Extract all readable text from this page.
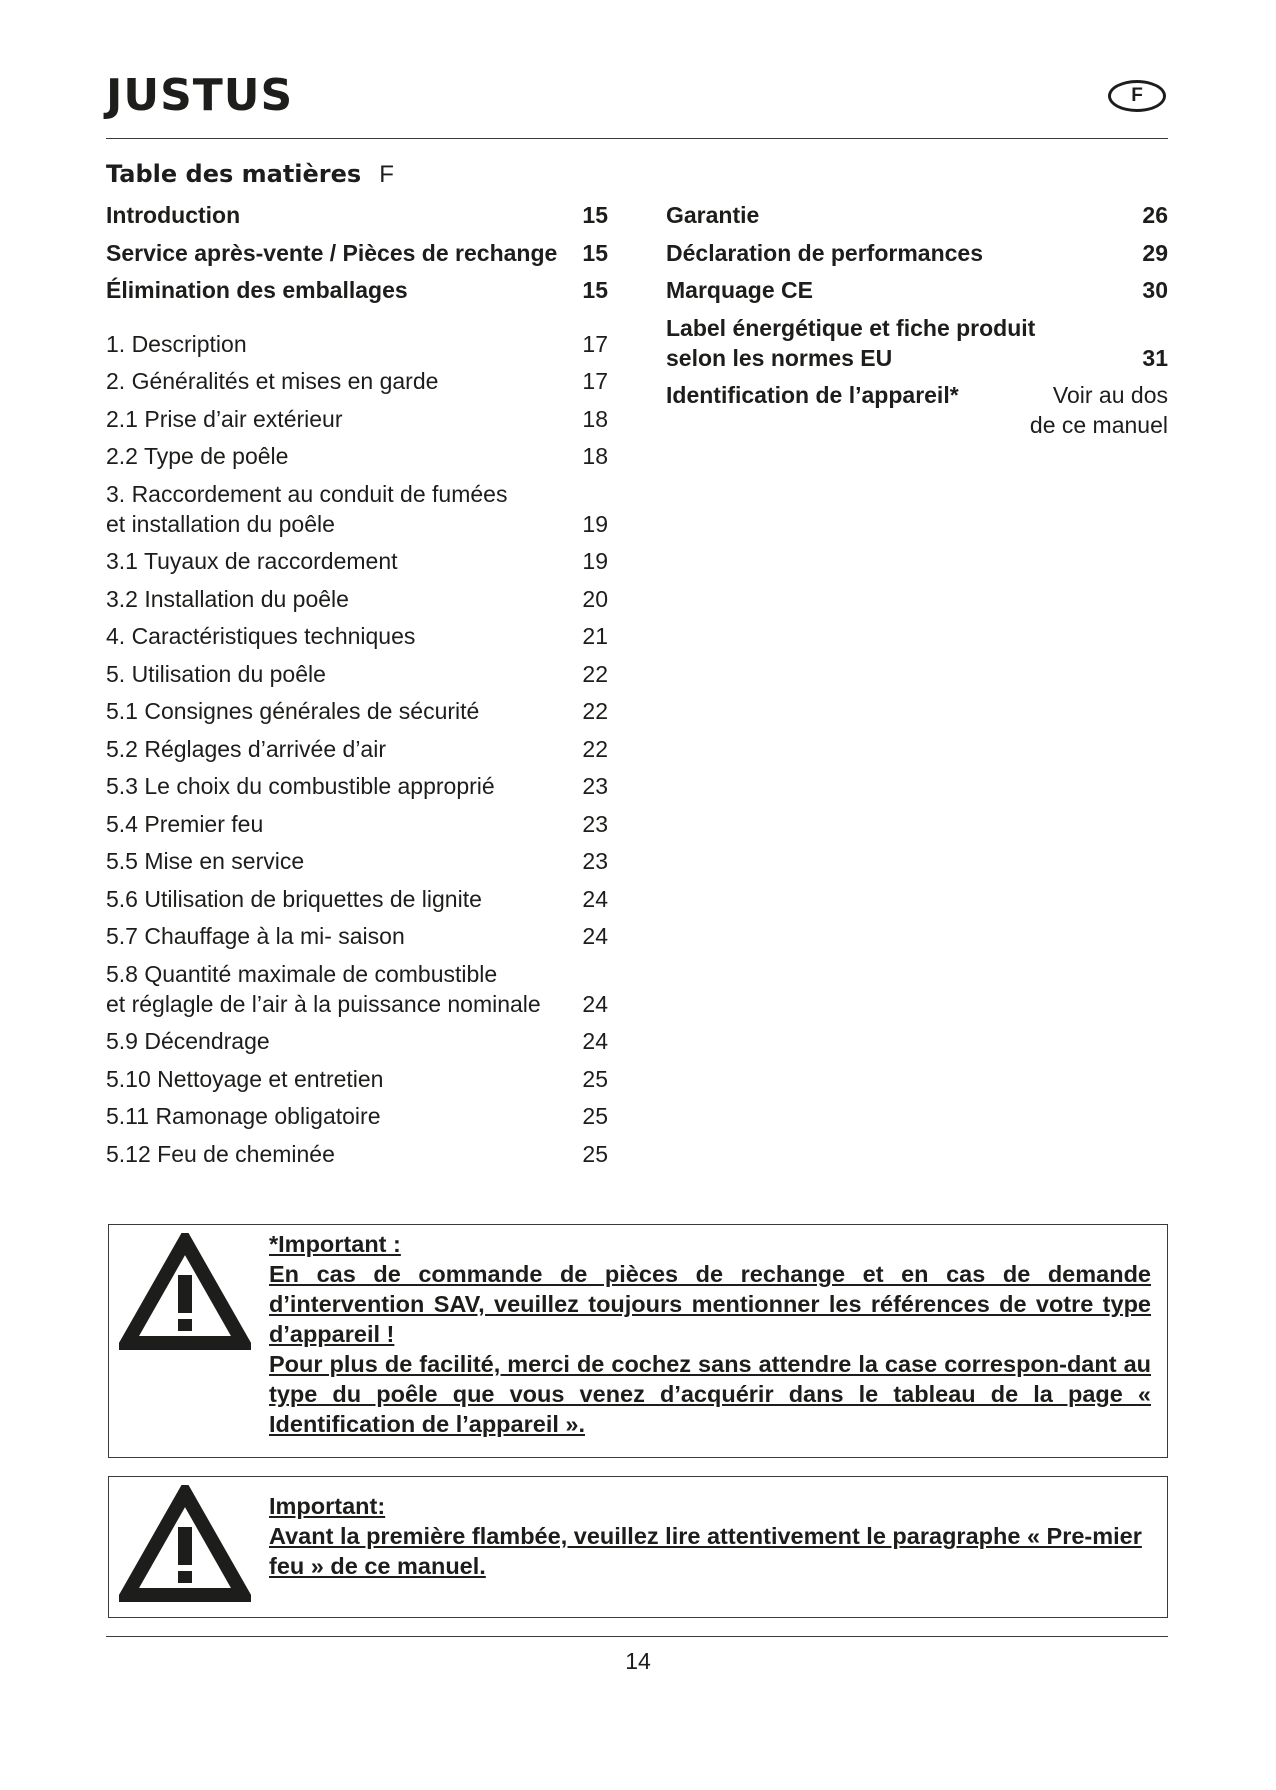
JUSTUS	F
Table des matières F
Introduction	15
Service après-vente / Pièces de rechange	15
Élimination des emballages	15
1. Description	17
2. Généralités et mises en garde	17
2.1 Prise d’air extérieur	18
2.2 Type de poêle	18
3. Raccordement au conduit de fumées
et installation du poêle	19
3.1 Tuyaux de raccordement	19
3.2 Installation du poêle	20
4. Caractéristiques techniques	21
5. Utilisation du poêle	22
5.1 Consignes générales de sécurité	22
5.2 Réglages d’arrivée d’air	22
5.3 Le choix du combustible approprié	23
5.4 Premier feu	23
5.5 Mise en service	23
5.6 Utilisation de briquettes de lignite	24
5.7 Chauffage à la mi- saison	24
5.8 Quantité maximale de combustible
et réglagle de l’air à la puissance nominale	24
5.9 Décendrage	24
5.10 Nettoyage et entretien	25
5.11 Ramonage obligatoire	25
5.12 Feu de cheminée	25
Garantie	26
Déclaration de performances	29
Marquage CE	30
Label énergétique et fiche produit
selon les normes EU	31
Identification de l’appareil*	Voir au dos
de ce manuel

*Important :

En cas de commande de pièces de rechange et en cas de demande d’intervention SAV, veuillez toujours mentionner les références de votre type d’appareil !

Pour plus de facilité, merci de cochez sans attendre la case correspon-dant au type du poêle que vous venez d’acquérir dans le tableau de la page « Identification de l’appareil ».

Important:

Avant la première flambée, veuillez lire attentivement le paragraphe « Pre-mier feu » de ce manuel.

14
